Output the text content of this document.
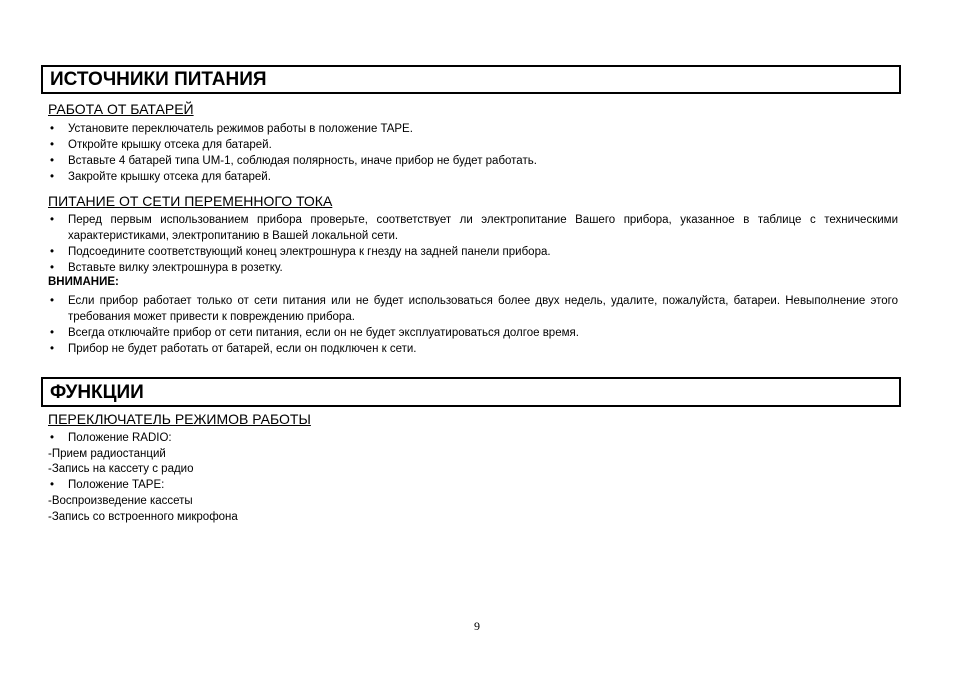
ИСТОЧНИКИ ПИТАНИЯ
РАБОТА ОТ БАТАРЕЙ
• Установите переключатель режимов работы в положение TAPE.
• Откройте крышку отсека для батарей.
• Вставьте 4 батарей типа UM-1, соблюдая полярность, иначе прибор не будет работать.
• Закройте крышку отсека для батарей.
ПИТАНИЕ ОТ СЕТИ ПЕРЕМЕННОГО ТОКА
• Перед первым использованием прибора проверьте, соответствует ли электропитание Вашего прибора, указанное в таблице с техническими характеристиками, электропитанию в Вашей локальной сети.
• Подсоедините соответствующий конец электрошнура к гнезду на задней панели прибора.
• Вставьте вилку электрошнура в розетку.
ВНИМАНИЕ:
• Если прибор работает только от сети питания или не будет использоваться более двух недель, удалите, пожалуйста, батареи. Невыполнение этого требования может привести к повреждению прибора.
• Всегда отключайте прибор от сети питания, если он не будет эксплуатироваться долгое время.
• Прибор не будет работать от батарей, если он подключен к сети.
ФУНКЦИИ
ПЕРЕКЛЮЧАТЕЛЬ РЕЖИМОВ РАБОТЫ
• Положение RADIO:
-Прием радиостанций
-Запись на кассету с радио
• Положение TAPE:
-Воспроизведение кассеты
-Запись со встроенного микрофона
9
